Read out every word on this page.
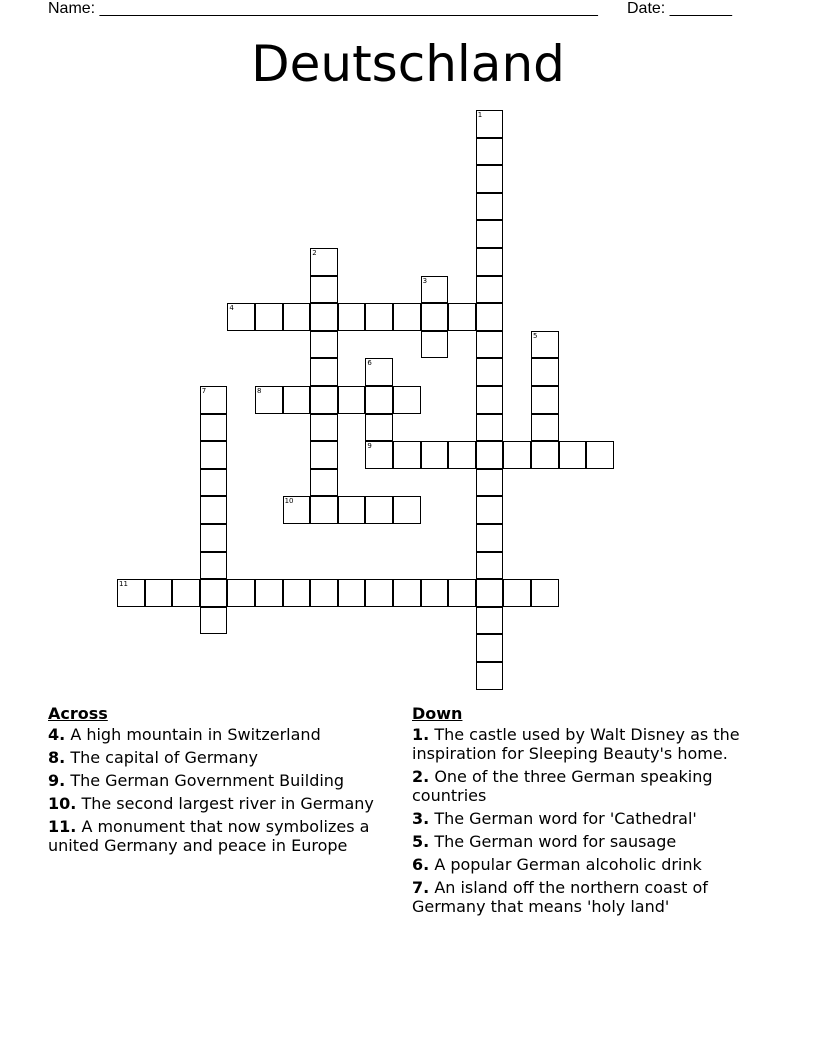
Name: ________________________________________________________ Date: _______
Deutschland
1
2
3
4
5
6
9
7	8
10
11
Across
4. A high mountain in Switzerland
8. The capital of Germany
9. The German Government Building
10. The second largest river in Germany
11. A monument that now symbolizes a united Germany and peace in Europe
Down
1. The castle used by Walt Disney as the inspiration for Sleeping Beauty's home.
2. One of the three German speaking countries
3. The German word for 'Cathedral'
5. The German word for sausage
6. A popular German alcoholic drink
7. An island off the northern coast of Germany that means 'holy land'
